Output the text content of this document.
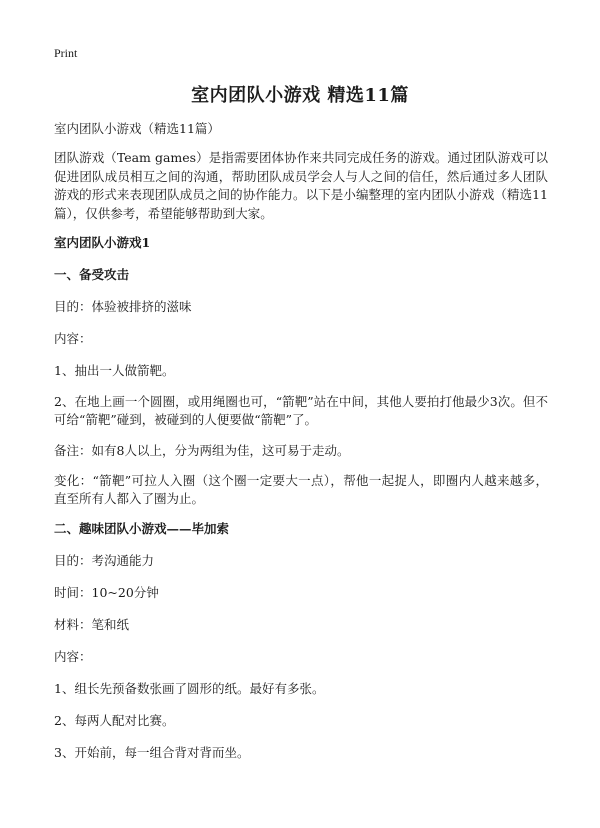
Print
室内团队小游戏 精选11篇
室内团队小游戏（精选11篇）
团队游戏（Team games）是指需要团体协作来共同完成任务的游戏。通过团队游戏可以促进团队成员相互之间的沟通，帮助团队成员学会人与人之间的信任，然后通过多人团队游戏的形式来表现团队成员之间的协作能力。以下是小编整理的室内团队小游戏（精选11篇），仅供参考，希望能够帮助到大家。
室内团队小游戏1
一、备受攻击
目的：体验被排挤的滋味
内容：
1、抽出一人做箭靶。
2、在地上画一个圆圈，或用绳圈也可，“箭靶”站在中间，其他人要拍打他最少3次。但不可给“箭靶”碰到，被碰到的人便要做“箭靶”了。
备注：如有8人以上，分为两组为佳，这可易于走动。
变化：“箭靶”可拉人入圈（这个圈一定要大一点），帮他一起捉人，即圈内人越来越多，直至所有人都入了圈为止。
二、趣味团队小游戏——毕加索
目的：考沟通能力
时间：10~20分钟
材料：笔和纸
内容：
1、组长先预备数张画了圆形的纸。最好有多张。
2、每两人配对比赛。
3、开始前，每一组合背对背而坐。
